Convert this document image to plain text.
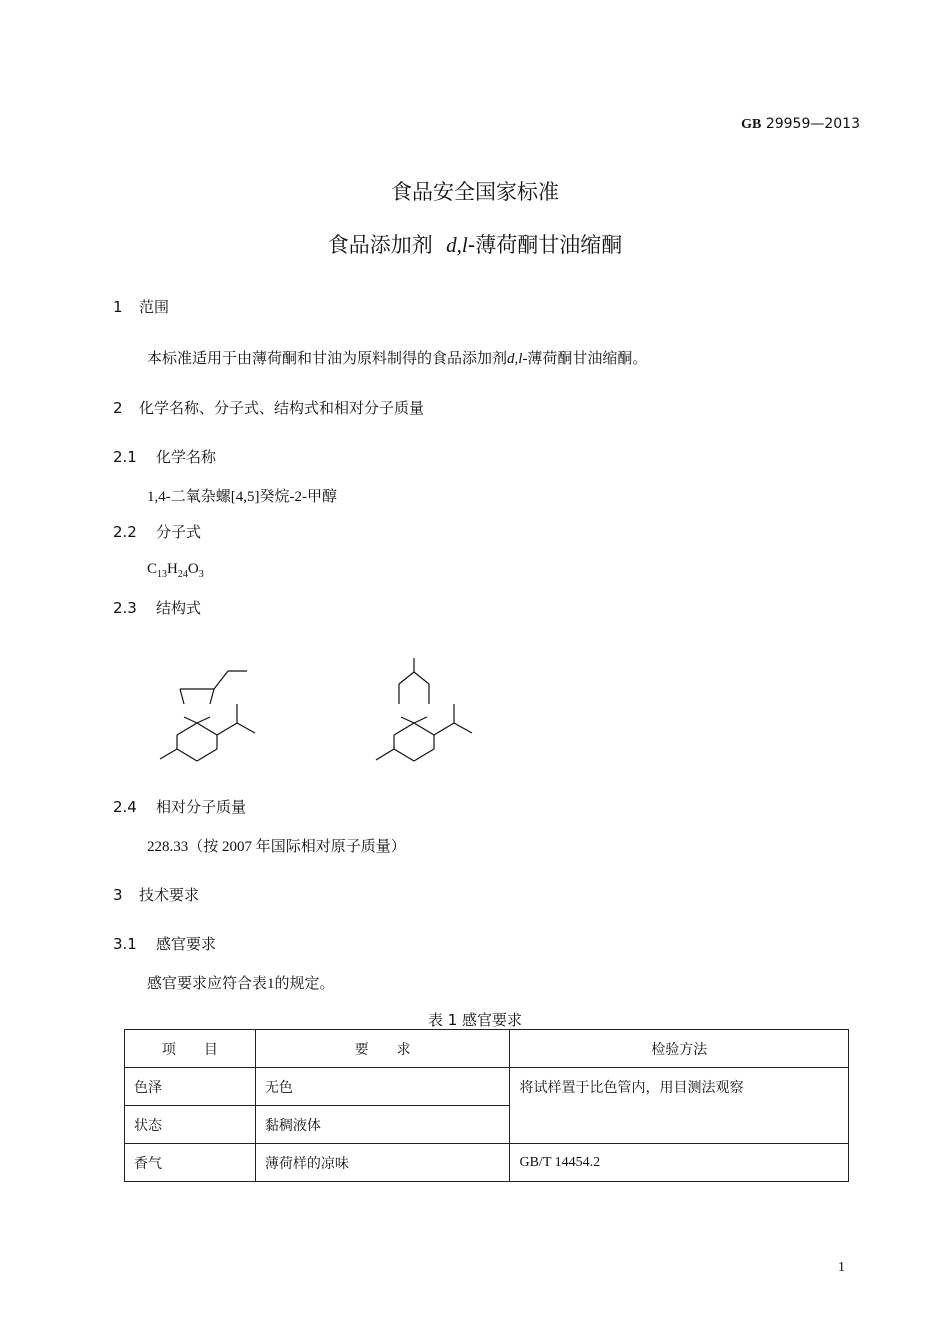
GB 29959—2013
食品安全国家标准
食品添加剂 d,l-薄荷酮甘油缩酮
1 范围
本标准适用于由薄荷酮和甘油为原料制得的食品添加剂d,l-薄荷酮甘油缩酮。
2 化学名称、分子式、结构式和相对分子质量
2.1 化学名称
1,4-二氧杂螺[4,5]癸烷-2-甲醇
2.2 分子式
$C_{13}H_{24}O_3$
2.3 结构式
2.4 相对分子质量
228.33（按 2007 年国际相对原子质量）
3 技术要求
3.1 感官要求
感官要求应符合表1的规定。
表 1 感官要求
项　　目	要　　求	检验方法
色泽	无色	将试样置于比色管内，用目测法观察
状态	黏稠液体	
香气	薄荷样的凉味	GB/T 14454.2
1
